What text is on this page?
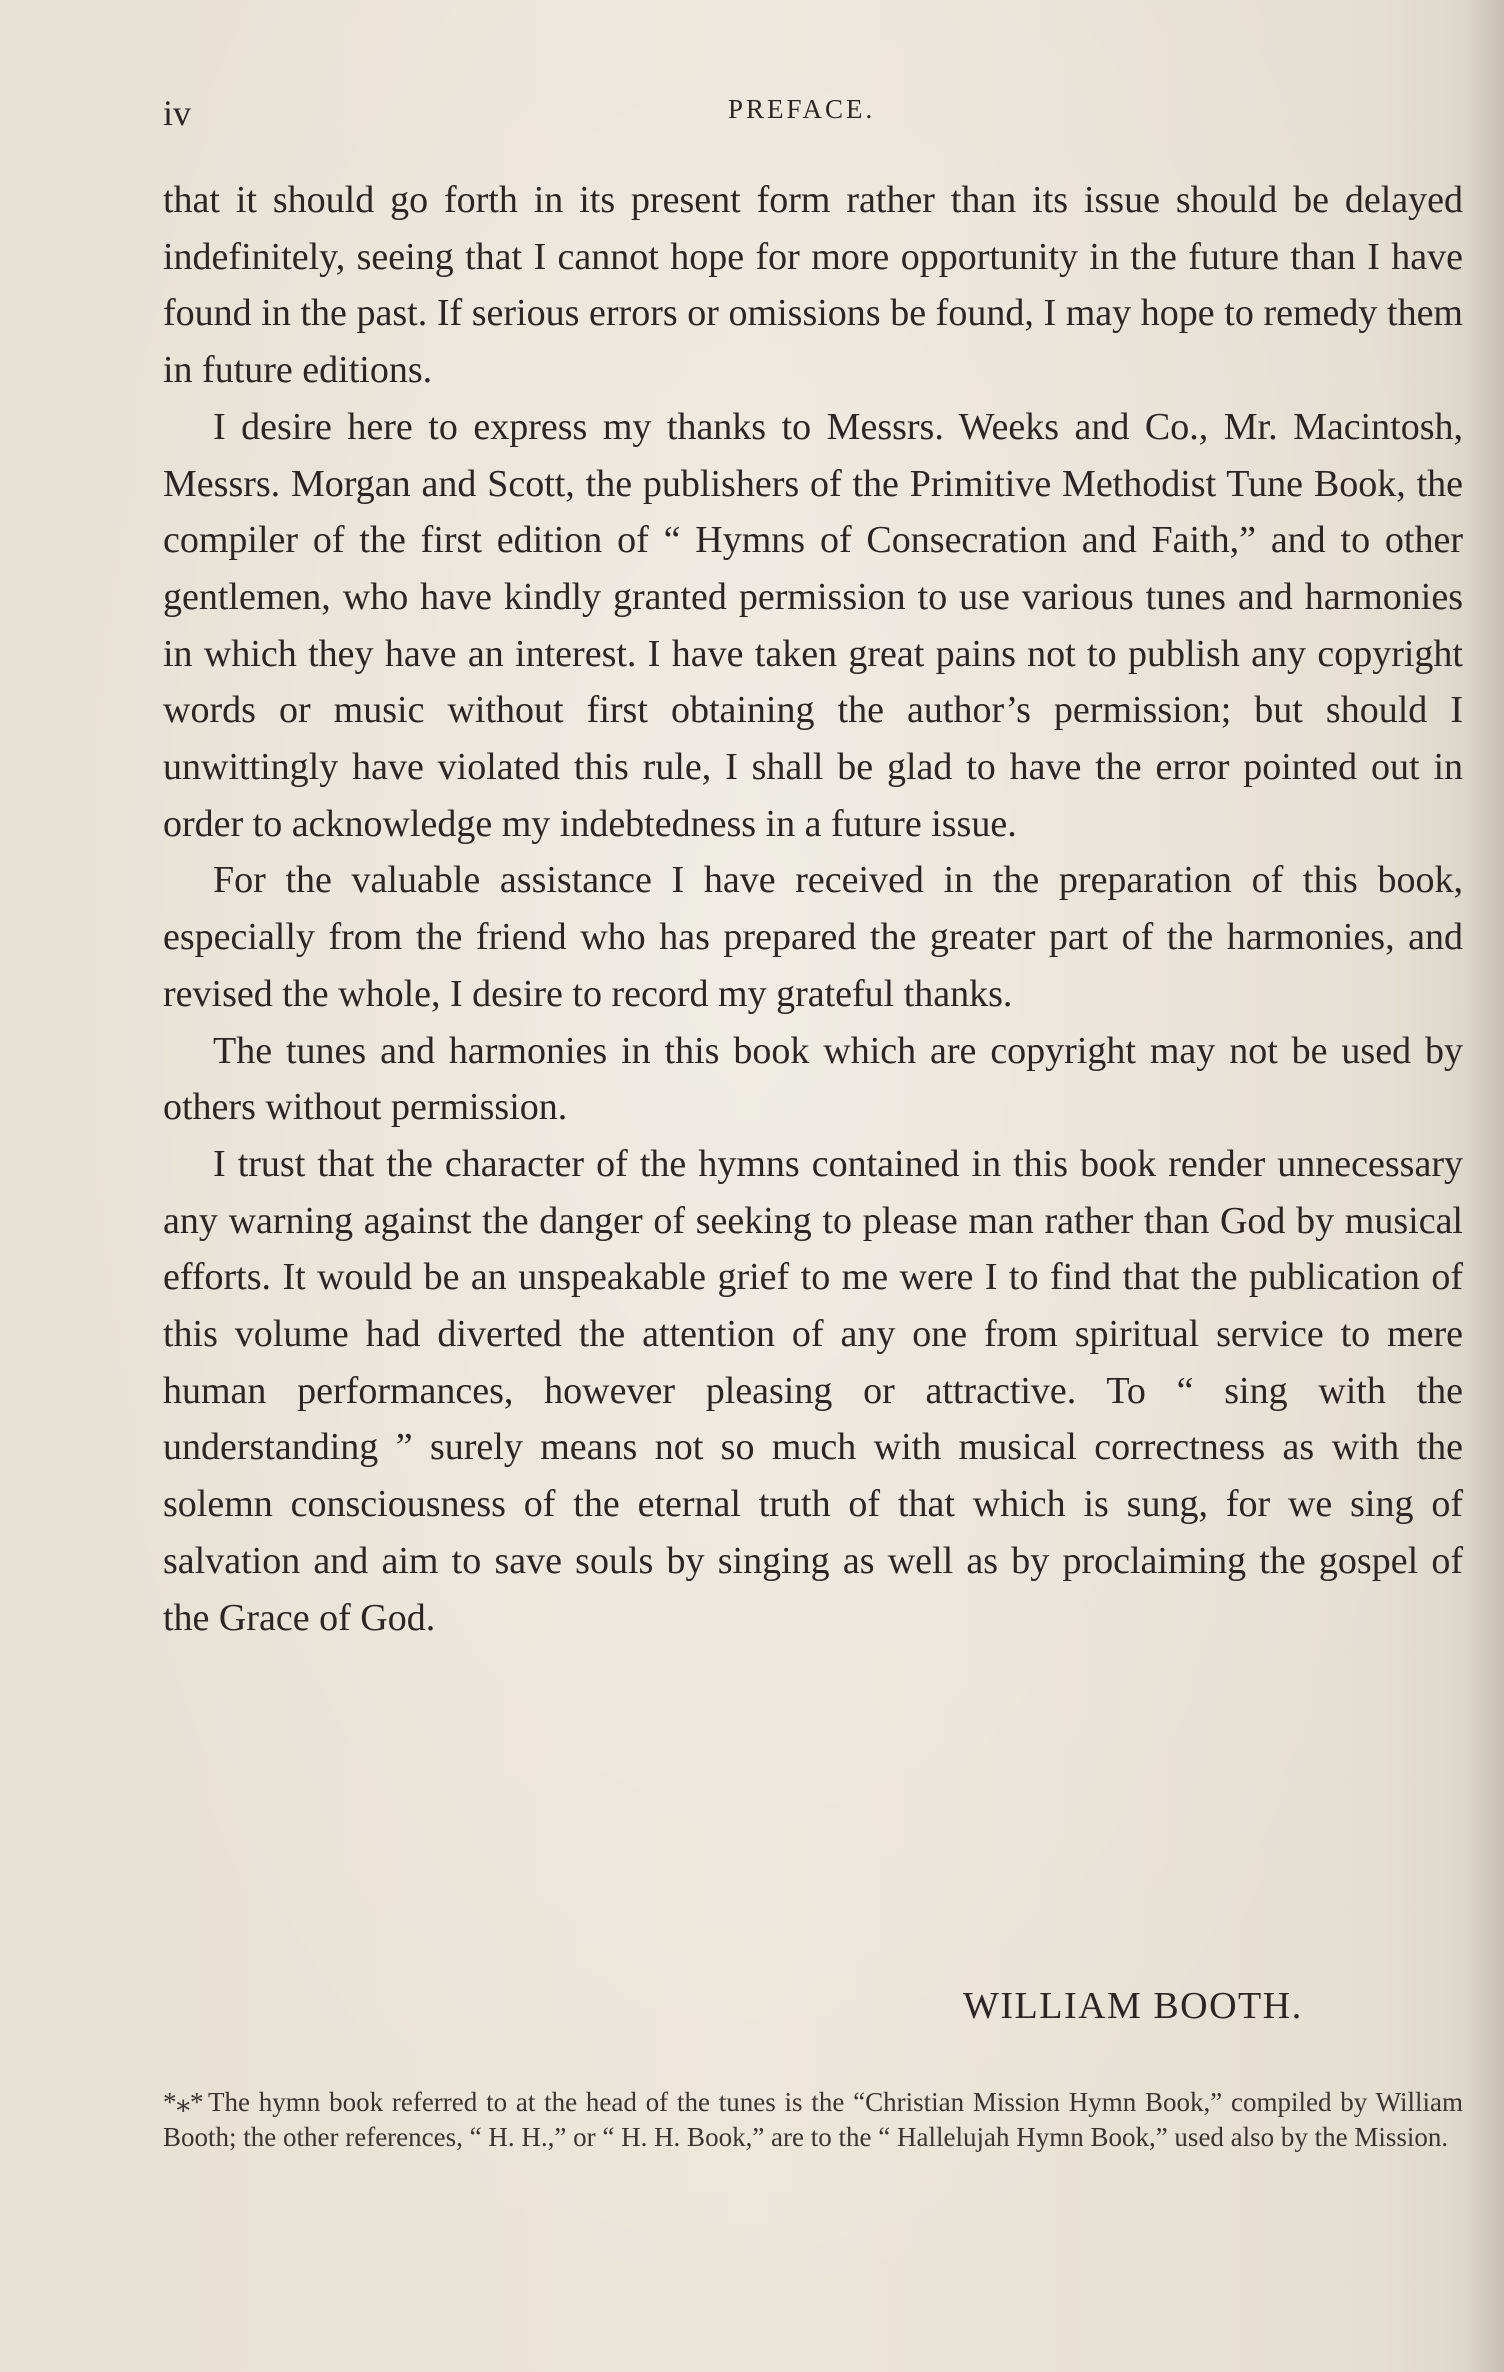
iv	PREFACE.

that it should go forth in its present form rather than its issue should be delayed indefinitely, seeing that I cannot hope for more opportunity in the future than I have found in the past. If serious errors or omissions be found, I may hope to remedy them in future editions.

I desire here to express my thanks to Messrs. Weeks and Co., Mr. Macintosh, Messrs. Morgan and Scott, the publishers of the Primitive Methodist Tune Book, the compiler of the first edition of “ Hymns of Consecration and Faith,” and to other gentlemen, who have kindly granted permission to use various tunes and harmonies in which they have an interest. I have taken great pains not to publish any copyright words or music without first obtaining the author’s permission; but should I unwittingly have violated this rule, I shall be glad to have the error pointed out in order to acknowledge my indebtedness in a future issue.

For the valuable assistance I have received in the preparation of this book, especially from the friend who has prepared the greater part of the harmonies, and revised the whole, I desire to record my grateful thanks.

The tunes and harmonies in this book which are copyright may not be used by others without permission.

I trust that the character of the hymns contained in this book render unnecessary any warning against the danger of seeking to please man rather than God by musical efforts. It would be an unspeakable grief to me were I to find that the publication of this volume had diverted the attention of any one from spiritual service to mere human performances, however pleasing or attractive. To “ sing with the understanding ” surely means not so much with musical correctness as with the solemn consciousness of the eternal truth of that which is sung, for we sing of salvation and aim to save souls by singing as well as by proclaiming the gospel of the Grace of God.

WILLIAM BOOTH.
*⁎* The hymn book referred to at the head of the tunes is the “Christian Mission Hymn Book,” compiled by William Booth; the other references, “ H. H.,” or “ H. H. Book,” are to the “ Hallelujah Hymn Book,” used also by the Mission.
